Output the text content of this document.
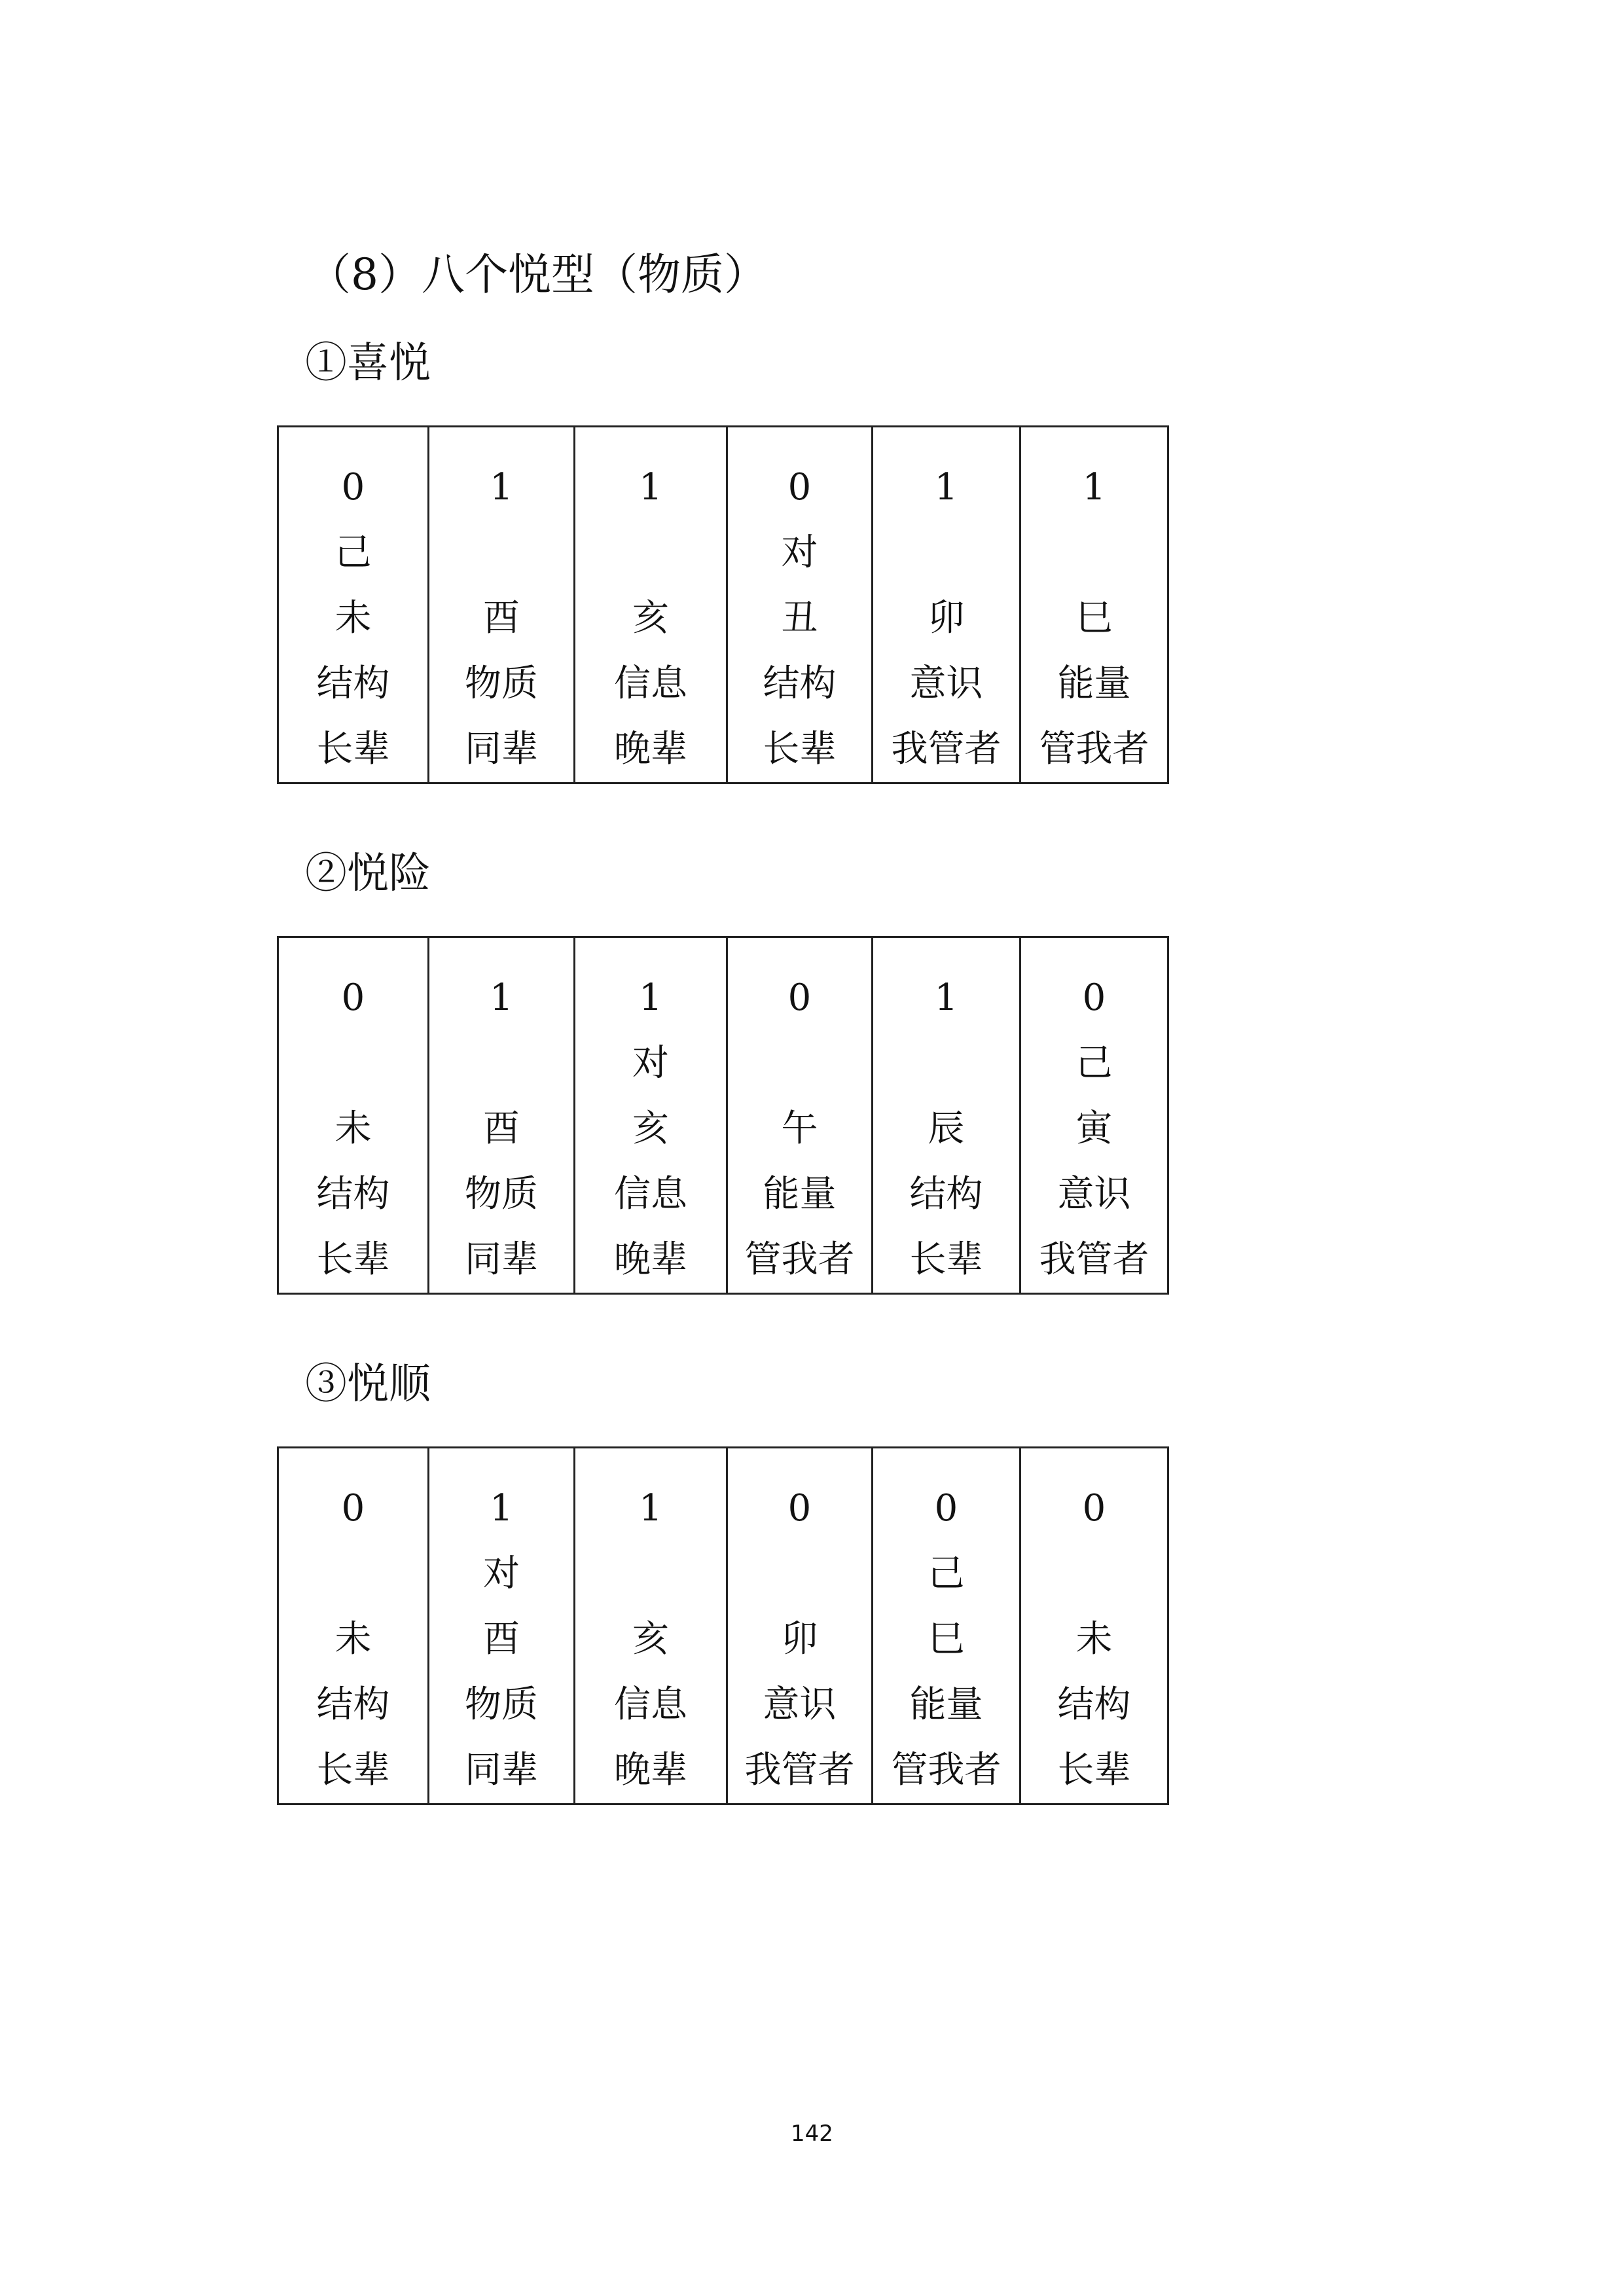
（8）八个悦型（物质）
①喜悦
0
己
未
结构
长辈

1
酉
物质
同辈

1
亥
信息
晚辈

0
对
丑
结构
长辈

1
卯
意识
我管者

1
巳
能量
管我者
②悦险
0
未
结构
长辈

1
酉
物质
同辈

1
对
亥
信息
晚辈

0
午
能量
管我者

1
辰
结构
长辈

0
己
寅
意识
我管者
③悦顺
0
未
结构
长辈

1
对
酉
物质
同辈

1
亥
信息
晚辈

0
卯
意识
我管者

0
己
巳
能量
管我者

0
未
结构
长辈
142
